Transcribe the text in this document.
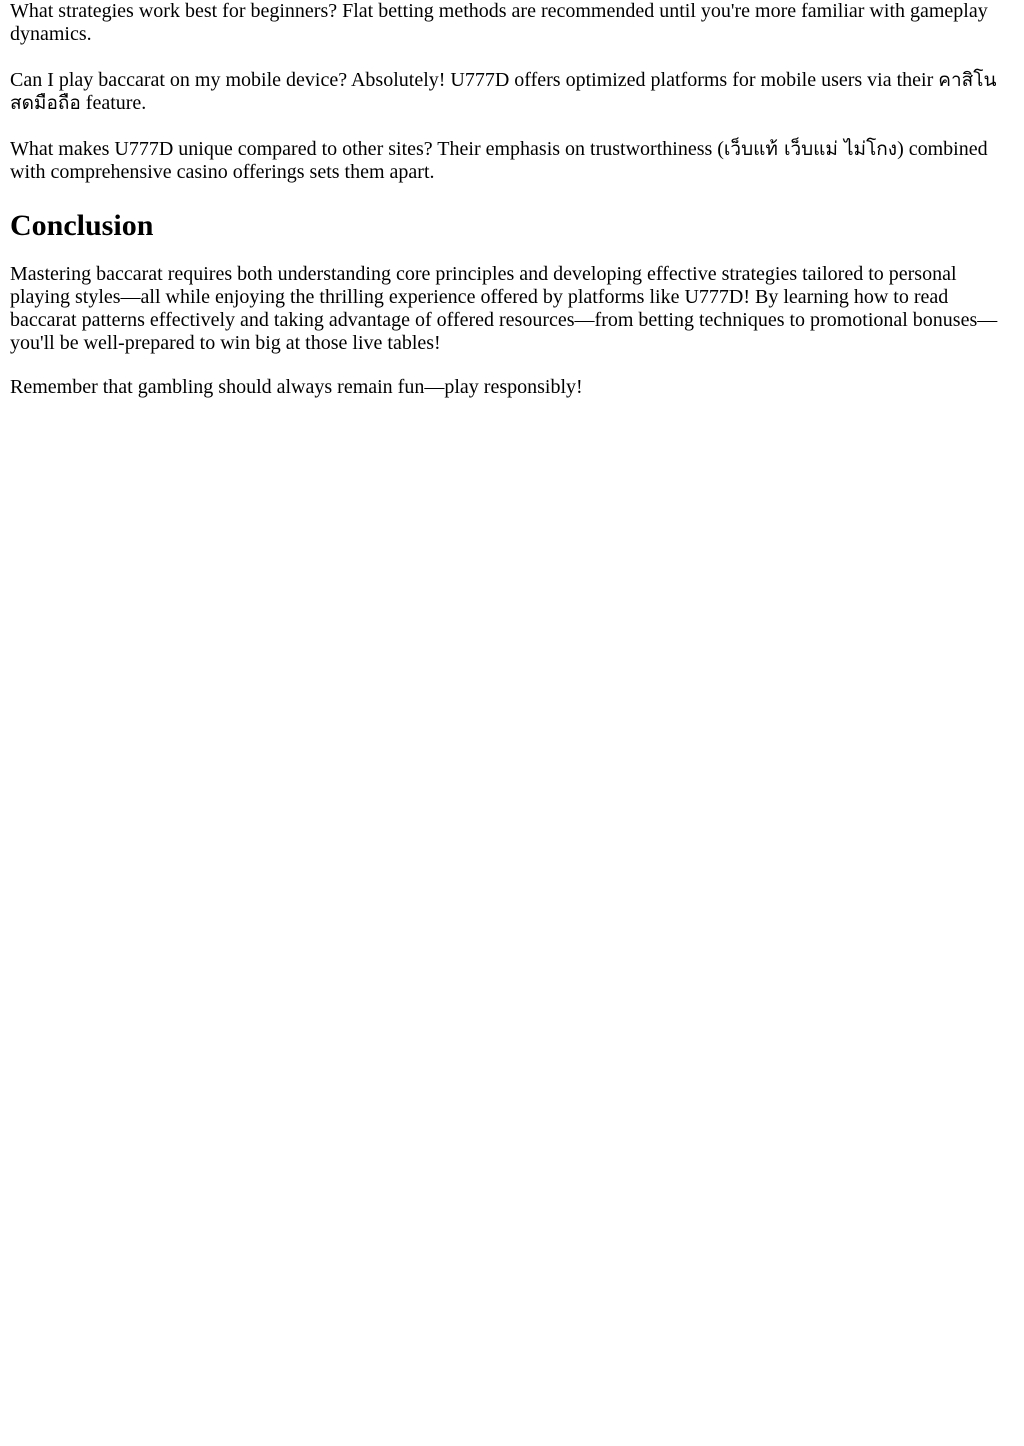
What strategies work best for beginners? Flat betting methods are recommended until you're more familiar with gameplay dynamics.

Can I play baccarat on my mobile device? Absolutely! U777D offers optimized platforms for mobile users via their คาสิโนสดมือถือ feature.

What makes U777D unique compared to other sites? Their emphasis on trustworthiness (เว็บแท้ เว็บแม่ ไม่โกง) combined with comprehensive casino offerings sets them apart.

Conclusion

Mastering baccarat requires both understanding core principles and developing effective strategies tailored to personal playing styles—all while enjoying the thrilling experience offered by platforms like U777D! By learning how to read baccarat patterns effectively and taking advantage of offered resources—from betting techniques to promotional bonuses—you'll be well-prepared to win big at those live tables!

Remember that gambling should always remain fun—play responsibly!
